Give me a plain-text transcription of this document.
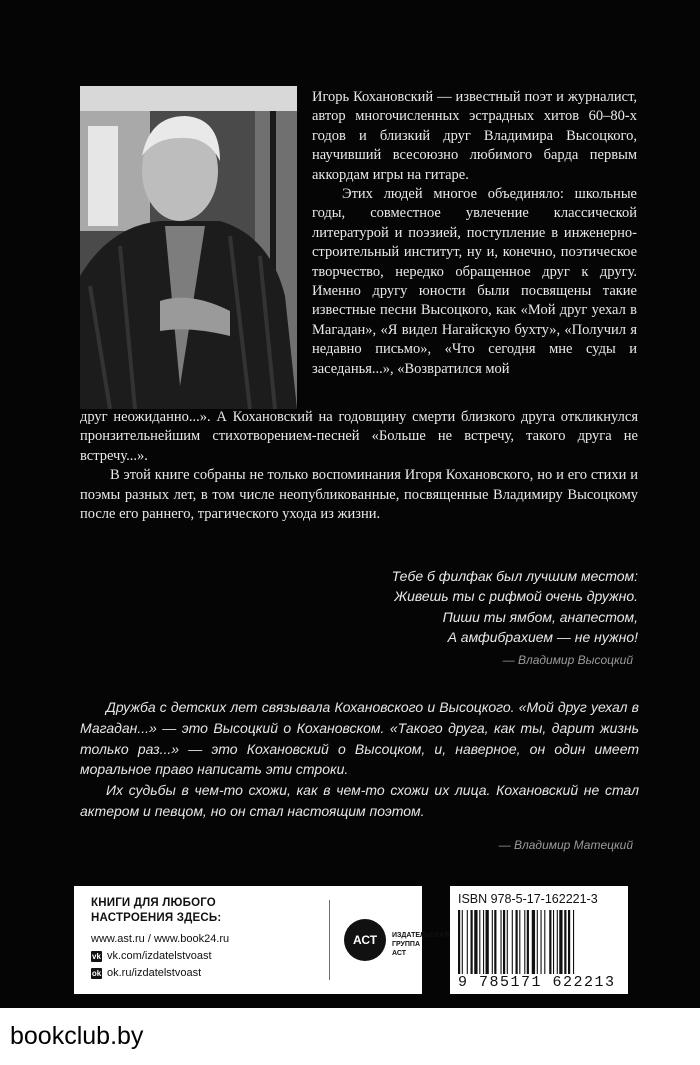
Игорь Кохановский — известный поэт и журналист, автор многочисленных эстрадных хитов 60–80-х годов и близкий друг Владимира Высоцкого, научивший всесоюзно любимого барда первым аккордам игры на гитаре.

Этих людей многое объединяло: школьные годы, совместное увлечение классической литературой и поэзией, поступление в инженерно-строительный институт, ну и, конечно, поэтическое творчество, нередко обращенное друг к другу. Именно другу юности были посвящены такие известные песни Высоцкого, как «Мой друг уехал в Магадан», «Я видел Нагайскую бухту», «Получил я недавно письмо», «Что сегодня мне суды и заседанья...», «Возвратился мой

друг неожиданно...». А Кохановский на годовщину смерти близкого друга откликнулся пронзительнейшим стихотворением-песней «Больше не встречу, такого друга не встречу...».

В этой книге собраны не только воспоминания Игоря Кохановского, но и его стихи и поэмы разных лет, в том числе неопубликованные, посвященные Владимиру Высоцкому после его раннего, трагического ухода из жизни.

Тебе б филфак был лучшим местом:
Живешь ты с рифмой очень дружно.
Пиши ты ямбом, анапестом,
А амфибрахием — не нужно!
— Владимир Высоцкий

Дружба с детских лет связывала Кохановского и Высоцкого. «Мой друг уехал в Магадан...» — это Высоцкий о Кохановском. «Такого друга, как ты, дарит жизнь только раз...» — это Кохановский о Высоцком, и, наверное, он один имеет моральное право написать эти строки.

Их судьбы в чем-то схожи, как в чем-то схожи их лица. Кохановский не стал актером и певцом, но он стал настоящим поэтом.

— Владимир Матецкий
КНИГИ ДЛЯ ЛЮБОГО
НАСТРОЕНИЯ ЗДЕСЬ:
www.ast.ru / www.book24.ru
vk vk.com/izdatelstvoast
ok ok.ru/izdatelstvoast
АСТ	ИЗДАТЕЛЬСКАЯ
ГРУППА АСТ
ISBN 978-5-17-162221-3
9 785171 622213
bookclub.by
